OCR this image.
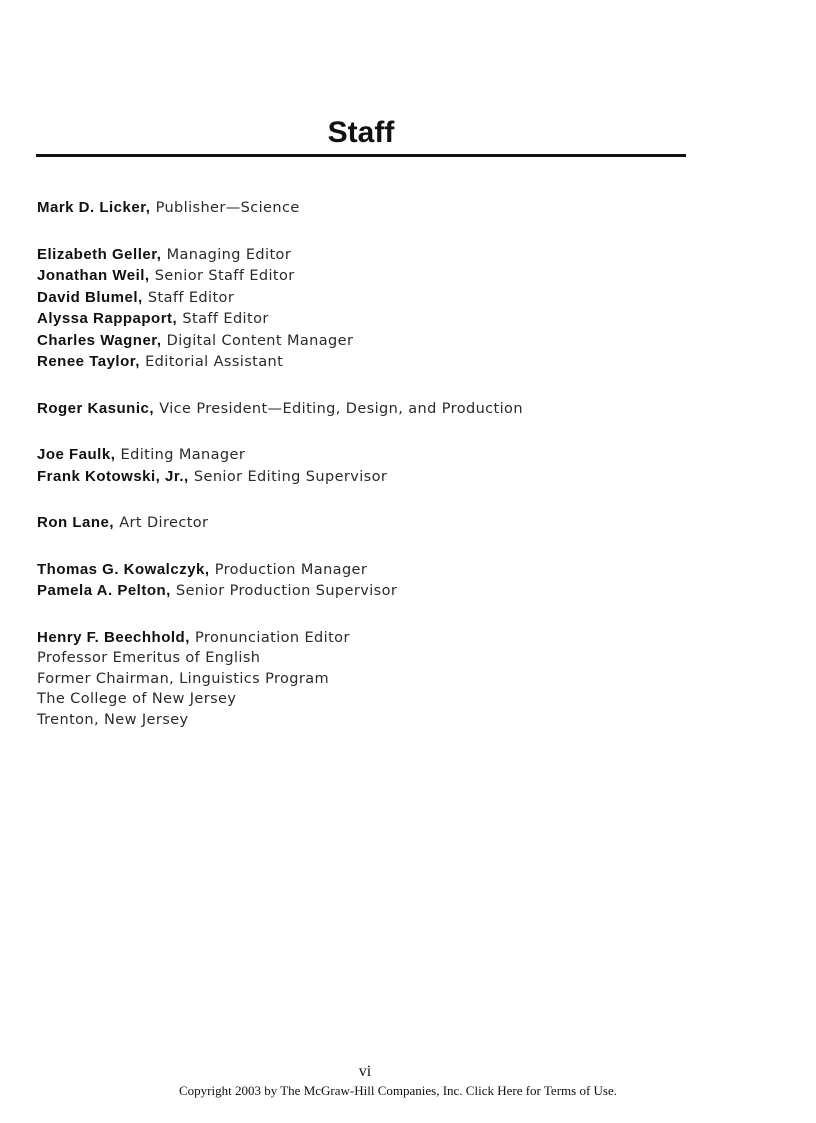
Staff
Mark D. Licker, Publisher—Science
Elizabeth Geller, Managing Editor
Jonathan Weil, Senior Staff Editor
David Blumel, Staff Editor
Alyssa Rappaport, Staff Editor
Charles Wagner, Digital Content Manager
Renee Taylor, Editorial Assistant
Roger Kasunic, Vice President—Editing, Design, and Production
Joe Faulk, Editing Manager
Frank Kotowski, Jr., Senior Editing Supervisor
Ron Lane, Art Director
Thomas G. Kowalczyk, Production Manager
Pamela A. Pelton, Senior Production Supervisor
Henry F. Beechhold, Pronunciation Editor
Professor Emeritus of English
Former Chairman, Linguistics Program
The College of New Jersey
Trenton, New Jersey
vi
Copyright 2003 by The McGraw-Hill Companies, Inc. Click Here for Terms of Use.
